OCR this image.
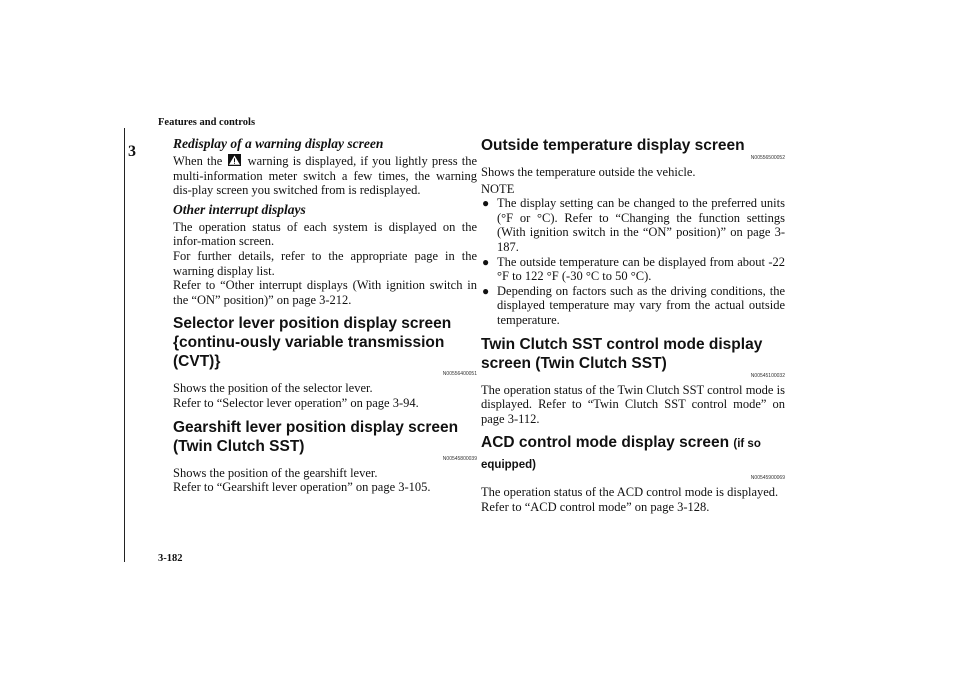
Features and controls
3	Redisplay of a warning display screen

When the warning is displayed, if you lightly press the multi-information meter switch a few times, the warning dis-play screen you switched from is redisplayed.

Other interrupt displays

The operation status of each system is displayed on the infor-mation screen.

For further details, refer to the appropriate page in the warning display list.

Refer to “Other interrupt displays (With ignition switch in the “ON” position)” on page 3-212.

Selector lever position display screen {continu-ously variable transmission (CVT)}
N00556400051

Shows the position of the selector lever.

Refer to “Selector lever operation” on page 3-94.

Gearshift lever position display screen (Twin Clutch SST)
N00545800039

Shows the position of the gearshift lever.

Refer to “Gearshift lever operation” on page 3-105.

Outside temperature display screen
N00556500052

Shows the temperature outside the vehicle.

NOTE
● The display setting can be changed to the preferred units (°F or °C). Refer to “Changing the function settings (With ignition switch in the “ON” position)” on page 3-187.
● The outside temperature can be displayed from about -22 °F to 122 °F (-30 °C to 50 °C).
● Depending on factors such as the driving conditions, the displayed temperature may vary from the actual outside temperature.
Twin Clutch SST control mode display screen (Twin Clutch SST)
N00545100032

The operation status of the Twin Clutch SST control mode is displayed. Refer to “Twin Clutch SST control mode” on page 3-112.

ACD control mode display screen (if so equipped)
N00545900069

The operation status of the ACD control mode is displayed.

Refer to “ACD control mode” on page 3-128.

3-182
